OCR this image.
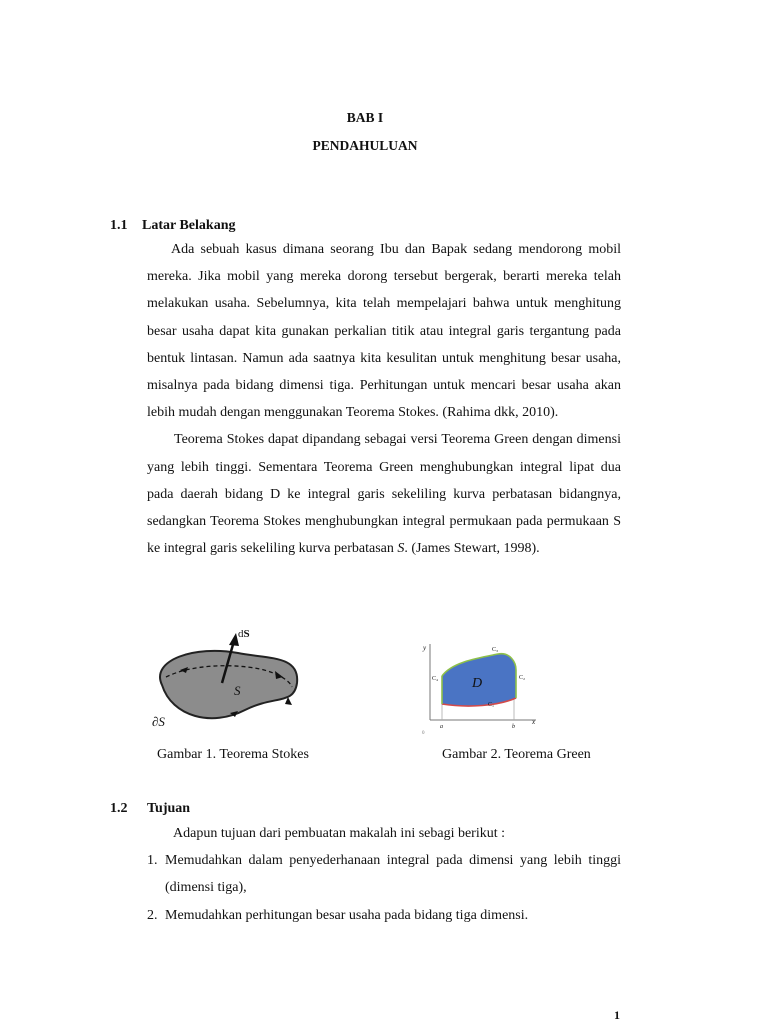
BAB I
PENDAHULUAN
1.1 Latar Belakang

Ada sebuah kasus dimana seorang Ibu dan Bapak sedang mendorong mobil mereka. Jika mobil yang mereka dorong tersebut bergerak, berarti mereka telah melakukan usaha. Sebelumnya, kita telah mempelajari bahwa untuk menghitung besar usaha dapat kita gunakan perkalian titik atau integral garis tergantung pada bentuk lintasan. Namun ada saatnya kita kesulitan untuk menghitung besar usaha, misalnya pada bidang dimensi tiga. Perhitungan untuk mencari besar usaha akan lebih mudah dengan menggunakan Teorema Stokes. (Rahima dkk, 2010).

Teorema Stokes dapat dipandang sebagai versi Teorema Green dengan dimensi yang lebih tinggi. Sementara Teorema Green menghubungkan integral lipat dua pada daerah bidang D ke integral garis sekeliling kurva perbatasan bidangnya, sedangkan Teorema Stokes menghubungkan integral permukaan pada permukaan S ke integral garis sekeliling kurva perbatasan S. (James Stewart, 1998).

dS
S
∂S
D
C₃
C₂
C₄
C₁
y
x
a	b
0
Gambar 1. Teorema Stokes	Gambar 2. Teorema Green
1.2 Tujuan

Adapun tujuan dari pembuatan makalah ini sebagi berikut :

1. Memudahkan dalam penyederhanaan integral pada dimensi yang lebih tinggi (dimensi tiga),
2. Memudahkan perhitungan besar usaha pada bidang tiga dimensi.
1
